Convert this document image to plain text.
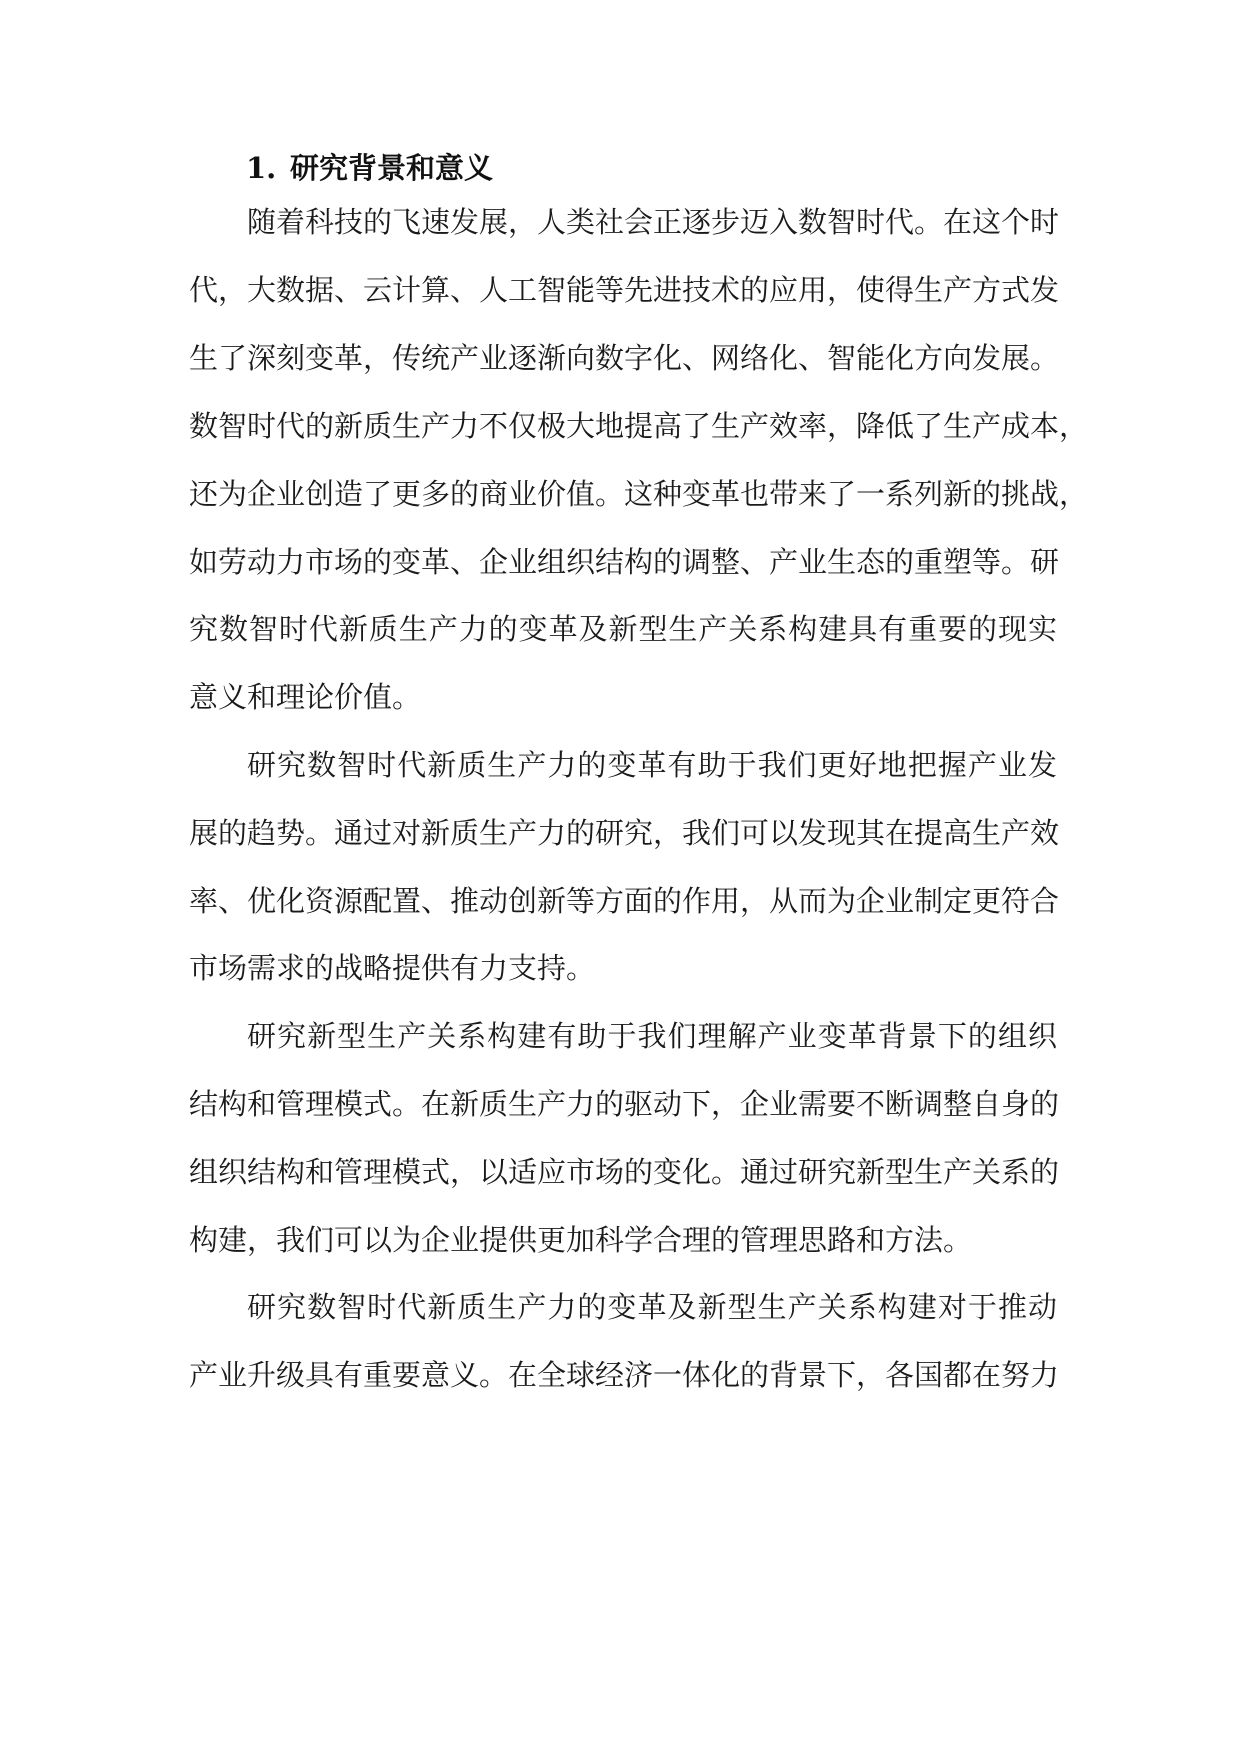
1. 研究背景和意义

随着科技的飞速发展，人类社会正逐步迈入数智时代。在这个时

代，大数据、云计算、人工智能等先进技术的应用，使得生产方式发

生了深刻变革，传统产业逐渐向数字化、网络化、智能化方向发展。

数智时代的新质生产力不仅极大地提高了生产效率，降低了生产成本，

还为企业创造了更多的商业价值。这种变革也带来了一系列新的挑战，

如劳动力市场的变革、企业组织结构的调整、产业生态的重塑等。研

究数智时代新质生产力的变革及新型生产关系构建具有重要的现实

意义和理论价值。

研究数智时代新质生产力的变革有助于我们更好地把握产业发

展的趋势。通过对新质生产力的研究，我们可以发现其在提高生产效

率、优化资源配置、推动创新等方面的作用，从而为企业制定更符合

市场需求的战略提供有力支持。

研究新型生产关系构建有助于我们理解产业变革背景下的组织

结构和管理模式。在新质生产力的驱动下，企业需要不断调整自身的

组织结构和管理模式，以适应市场的变化。通过研究新型生产关系的

构建，我们可以为企业提供更加科学合理的管理思路和方法。

研究数智时代新质生产力的变革及新型生产关系构建对于推动

产业升级具有重要意义。在全球经济一体化的背景下，各国都在努力
